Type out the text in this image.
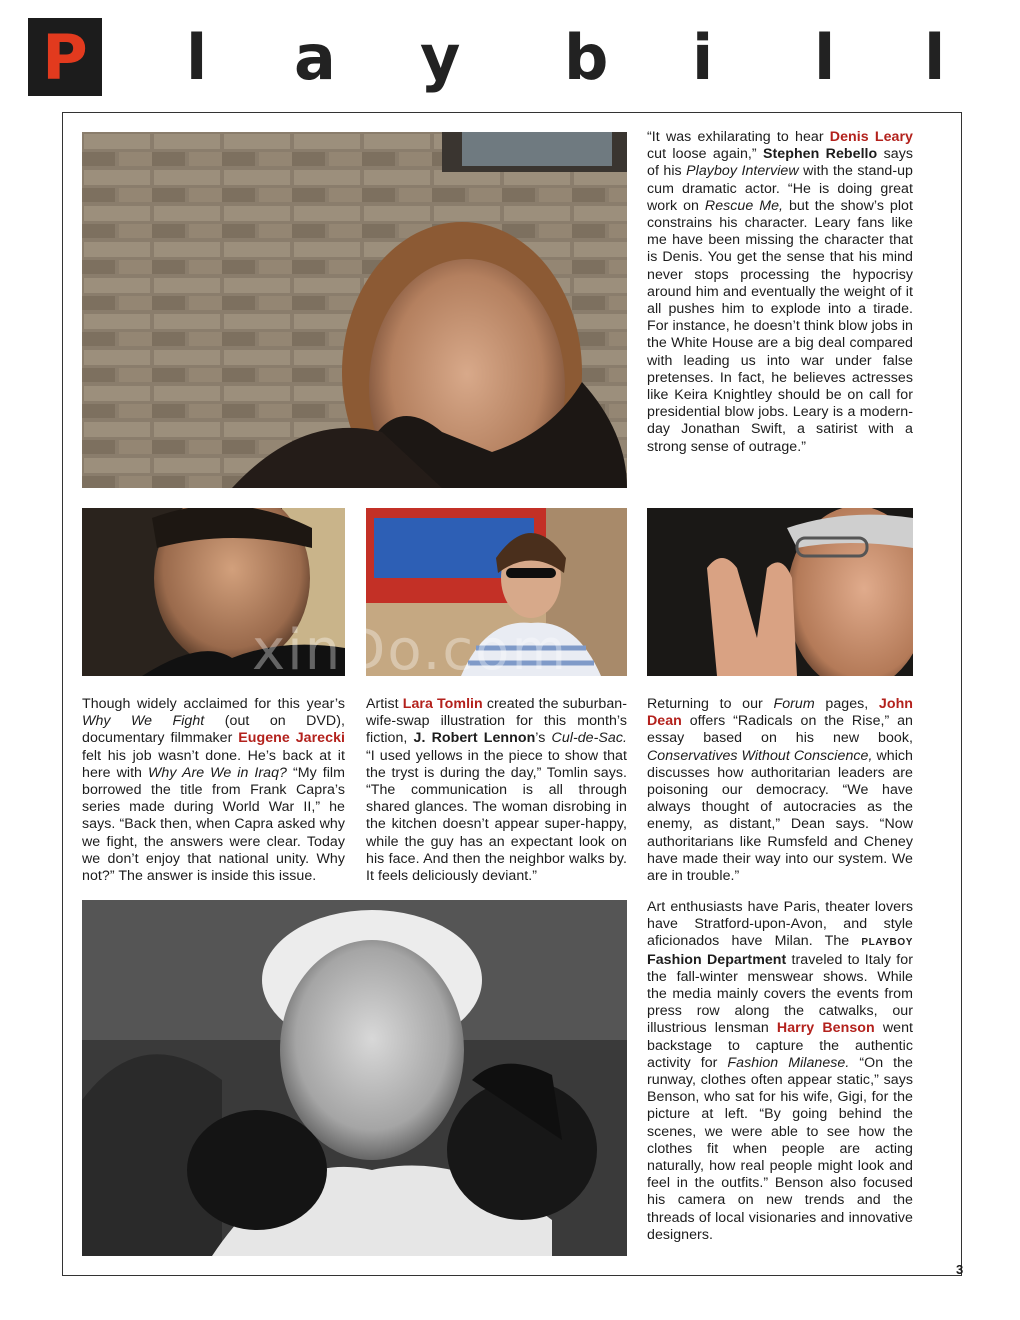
P l a y b i l l

“It was exhilarating to hear Denis Leary cut loose again,” Stephen Rebello says of his Playboy Interview with the stand-up cum dramatic actor. “He is doing great work on Rescue Me, but the show’s plot constrains his character. Leary fans like me have been missing the character that is Denis. You get the sense that his mind never stops processing the hypocrisy around him and eventually the weight of it all pushes him to explode into a tirade. For instance, he doesn’t think blow jobs in the White House are a big deal compared with leading us into war under false pretenses. In fact, he believes actresses like Keira Knightley should be on call for presidential blow jobs. Leary is a modern-day Jonathan Swift, a satirist with a strong sense of outrage.”

Though widely acclaimed for this year’s Why We Fight (out on DVD), documentary filmmaker Eugene Jarecki felt his job wasn’t done. He’s back at it here with Why Are We in Iraq? “My film borrowed the title from Frank Capra’s series made during World War II,” he says. “Back then, when Capra asked why we fight, the answers were clear. Today we don’t enjoy that national unity. Why not?” The answer is inside this issue.

Artist Lara Tomlin created the suburban-wife-swap illustration for this month’s fiction, J. Robert Lennon’s Cul-de-Sac. “I used yellows in the piece to show that the tryst is during the day,” Tomlin says. “The communication is all through shared glances. The woman disrobing in the kitchen doesn’t appear super-happy, while the guy has an expectant look on his face. And then the neighbor walks by. It feels deliciously deviant.”

Returning to our Forum pages, John Dean offers “Radicals on the Rise,” an essay based on his new book, Conservatives Without Conscience, which discusses how authoritarian leaders are poisoning our democracy. “We have always thought of autocracies as the enemy, as distant,” Dean says. “Now authoritarians like Rumsfeld and Cheney have made their way into our system. We are in trouble.”

Art enthusiasts have Paris, theater lovers have Stratford-upon-Avon, and style aficionados have Milan. The PLAYBOY Fashion Department traveled to Italy for the fall-winter menswear shows. While the media mainly covers the events from press row along the catwalks, our illustrious lensman Harry Benson went backstage to capture the authentic activity for Fashion Milanese. “On the runway, clothes often appear static,” says Benson, who sat for his wife, Gigi, for the picture at left. “By going behind the scenes, we were able to see how the clothes fit when people are acting naturally, how real people might look and feel in the outfits.” Benson also focused his camera on new trends and the threads of local visionaries and innovative designers.

xinDo.com
3
